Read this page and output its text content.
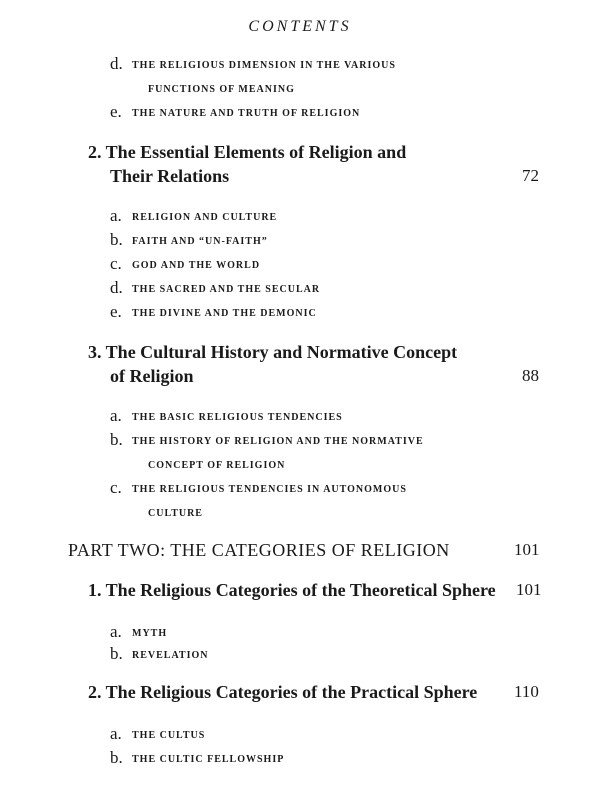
CONTENTS
d. THE RELIGIOUS DIMENSION IN THE VARIOUS
FUNCTIONS OF MEANING
e. THE NATURE AND TRUTH OF RELIGION
2. The Essential Elements of Religion and
Their Relations	72
a. RELIGION AND CULTURE
b. FAITH AND “UN-FAITH”
c. GOD AND THE WORLD
d. THE SACRED AND THE SECULAR
e. THE DIVINE AND THE DEMONIC
3. The Cultural History and Normative Concept
of Religion	88
a. THE BASIC RELIGIOUS TENDENCIES
b. THE HISTORY OF RELIGION AND THE NORMATIVE
CONCEPT OF RELIGION
c. THE RELIGIOUS TENDENCIES IN AUTONOMOUS
CULTURE
PART TWO: THE CATEGORIES OF RELIGION	101
1. The Religious Categories of the Theoretical Sphere 101
a. MYTH
b. REVELATION
2. The Religious Categories of the Practical Sphere 110
a. THE CULTUS
b. THE CULTIC FELLOWSHIP
